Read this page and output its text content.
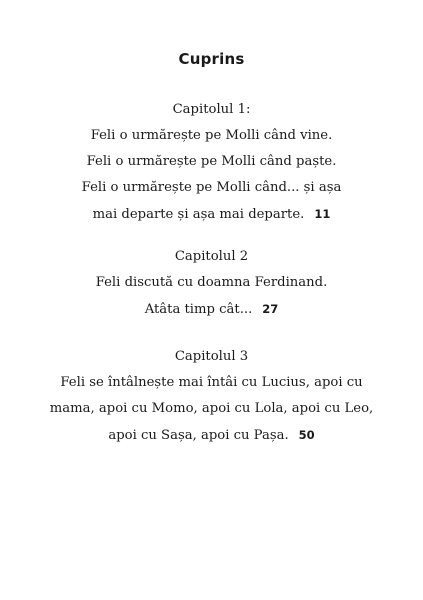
Cuprins
Capitolul 1:
Feli o urmărește pe Molli când vine.
Feli o urmărește pe Molli când paște.
Feli o urmărește pe Molli când... și așa
mai departe și așa mai departe. 11
Capitolul 2
Feli discută cu doamna Ferdinand.
Atâta timp cât... 27
Capitolul 3
Feli se întâlnește mai întâi cu Lucius, apoi cu
mama, apoi cu Momo, apoi cu Lola, apoi cu Leo,
apoi cu Sașa, apoi cu Pașa. 50
